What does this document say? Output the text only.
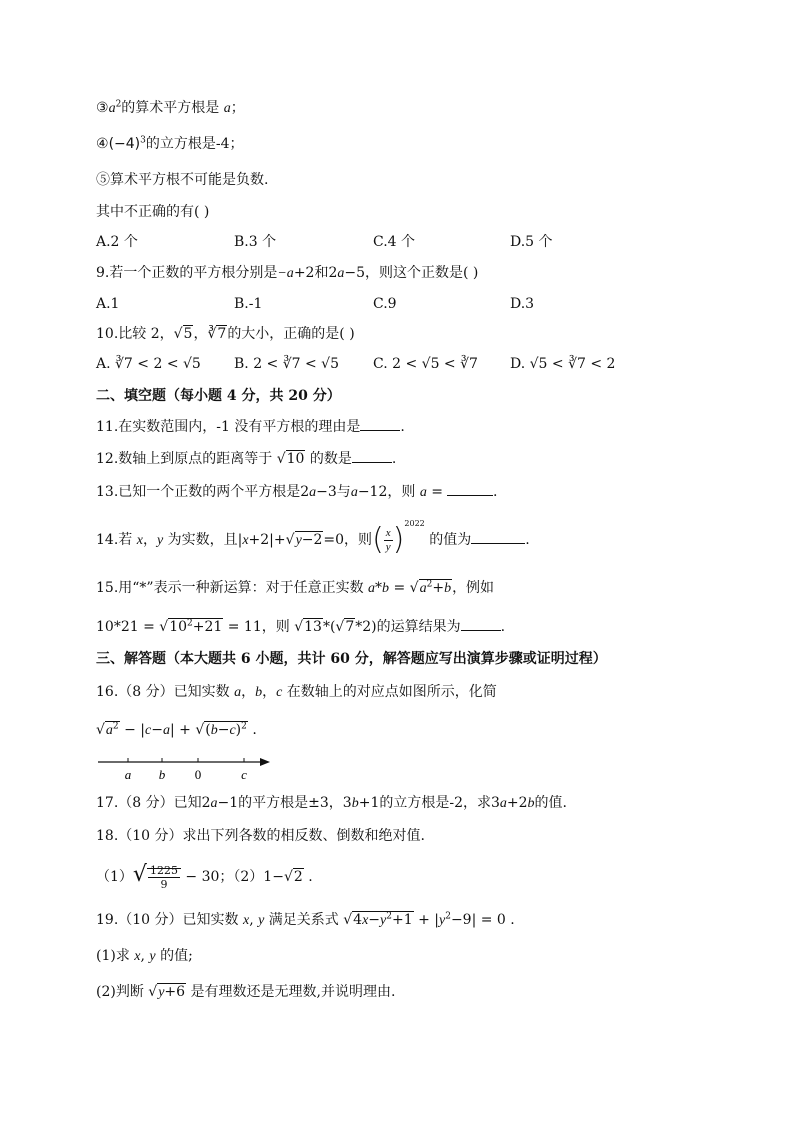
$③a^2$的算术平方根是 a；
$④(-4)^3$的立方根是-4；
⑤算术平方根不可能是负数.
其中不正确的有( )
A.2 个	B.3 个	C.4 个	D.5 个
9.若一个正数的平方根分别是−a+2和2a−5，则这个正数是( )
A.1	B.-1	C.9	D.3
10.比较 2，√5，∛7的大小，正确的是( )
A. ∛7 < 2 < √5 B. 2 < ∛7 < √5 C. 2 < √5 < ∛7 D. √5 < ∛7 < 2
二、填空题（每小题 4 分，共 20 分）
11.在实数范围内，-1 没有平方根的理由是	.
12.数轴上到原点的距离等于 √10 的数是	.
13.已知一个正数的两个平方根是2a−3与a−12，则 a =	.
14.若 x，y 为实数，且|x+2|+√y−2=0，则( $\frac{x}{y} )^{2022}$ 的值为	.
15.用“*”表示一种新运算：对于任意正实数 $a*b = √a^2+b$，例如
$10*21 = √10^2+21 = 11$，则 √13*(√7*2)的运算结果为	.
三、解答题（本大题共 6 小题，共计 60 分，解答题应写出演算步骤或证明过程）
16.（8 分）已知实数 a，b，c 在数轴上的对应点如图所示，化简
$√a^2 - |c-a| + √(b-c)^2$ .
a b 0	c
17.（8 分）已知2a−1的平方根是±3，3b+1的立方根是-2，求3a+2b的值.
18.（10 分）求出下列各数的相反数、倒数和绝对值.
$(1)√ \frac{1225}{9} - 30$；（2）1−√2 .
19.（10 分）已知实数 x, y 满足关系式 $√4x-y^2+1 + |y^2-9| = 0$ .
(1)求 x, y 的值;
(2)判断 √y+6 是有理数还是无理数,并说明理由.
